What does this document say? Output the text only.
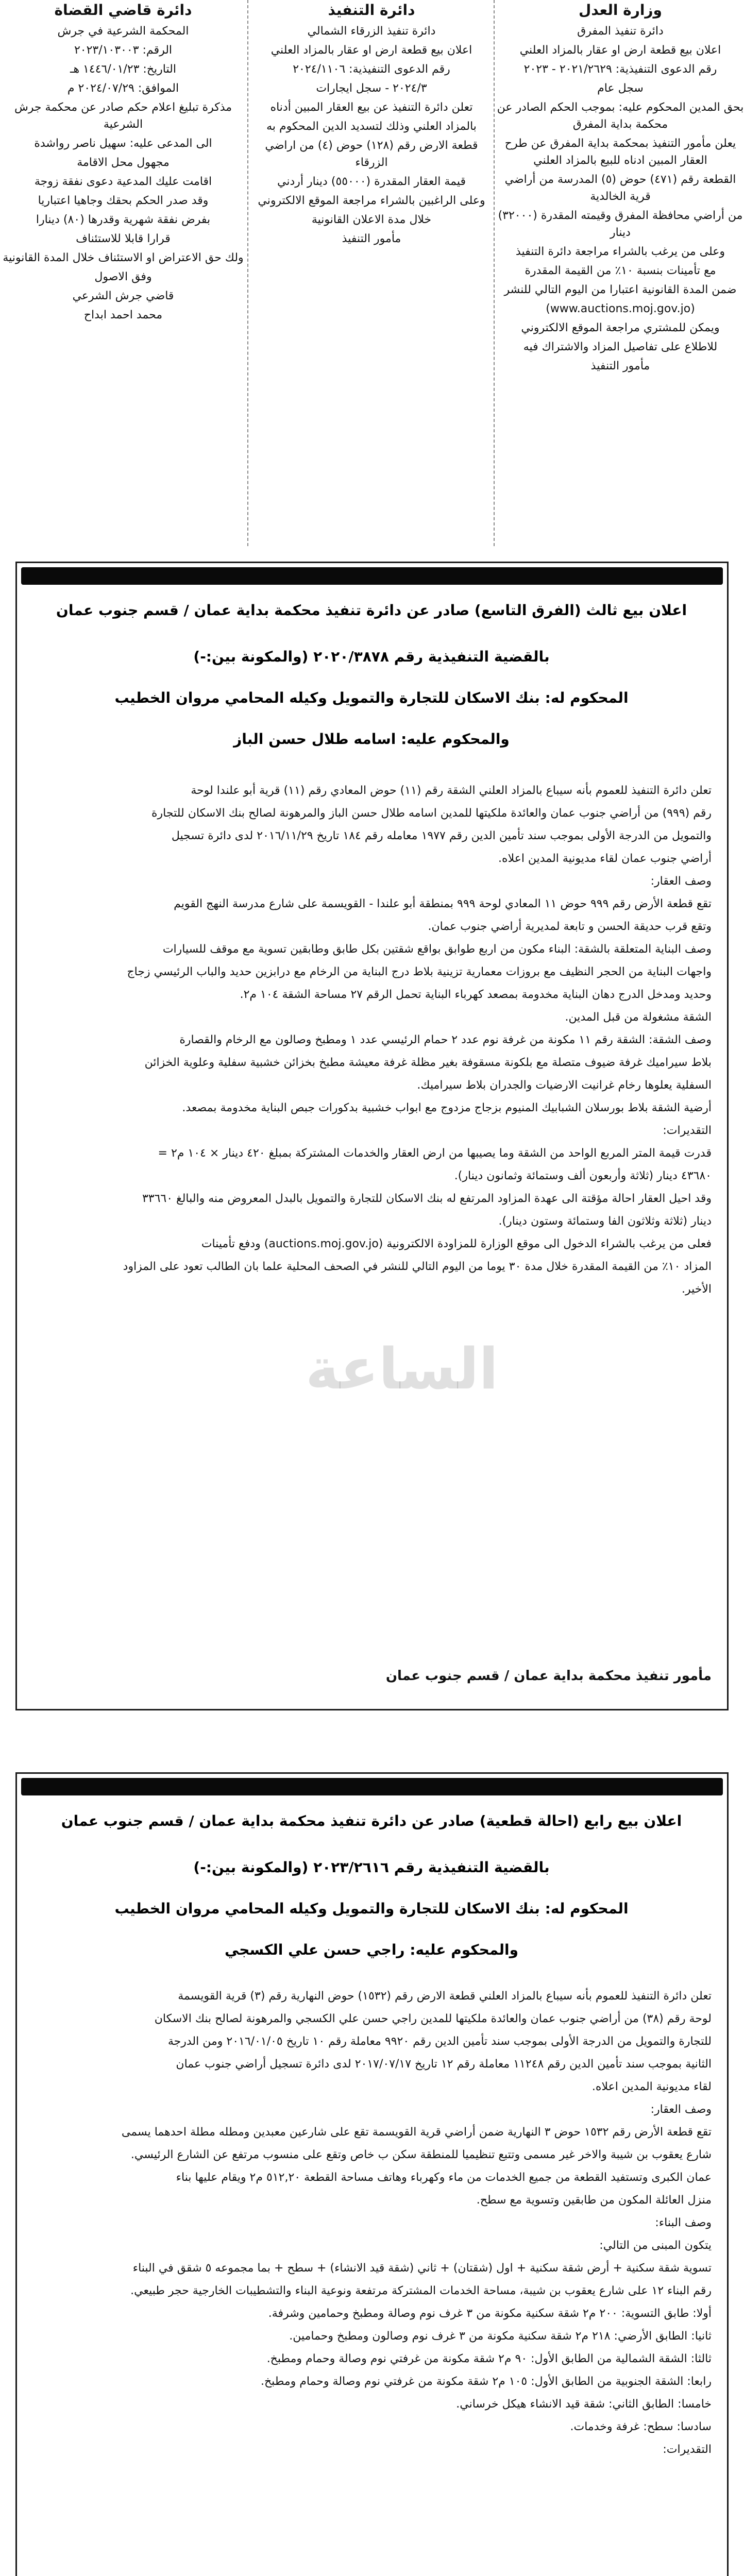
وزارة العدل
دائرة تنفيذ المفرق
اعلان بيع قطعة ارض او عقار بالمزاد العلني
رقم الدعوى التنفيذية: ٢٠٢١/٢٦٢٩ - ٢٠٢٣
سجل عام
بحق المدين المحكوم عليه: بموجب الحكم الصادر عن محكمة بداية المفرق
يعلن مأمور التنفيذ بمحكمة بداية المفرق عن طرح العقار المبين ادناه للبيع بالمزاد العلني
القطعة رقم (٤٧١) حوض (٥) المدرسة من أراضي قرية الخالدية
من أراضي محافظة المفرق وقيمته المقدرة (٣٢٠٠٠) دينار
وعلى من يرغب بالشراء مراجعة دائرة التنفيذ
مع تأمينات بنسبة ١٠٪ من القيمة المقدرة
ضمن المدة القانونية اعتبارا من اليوم التالي للنشر
(www.auctions.moj.gov.jo)
ويمكن للمشتري مراجعة الموقع الالكتروني
للاطلاع على تفاصيل المزاد والاشتراك فيه
مأمور التنفيذ
دائرة التنفيذ
دائرة تنفيذ الزرقاء الشمالي
اعلان بيع قطعة ارض او عقار بالمزاد العلني
رقم الدعوى التنفيذية: ٢٠٢٤/١١٠٦
٢٠٢٤/٣ - سجل ايجارات
تعلن دائرة التنفيذ عن بيع العقار المبين أدناه
بالمزاد العلني وذلك لتسديد الدين المحكوم به
قطعة الارض رقم (١٢٨) حوض (٤) من اراضي الزرقاء
قيمة العقار المقدرة (٥٥٠٠٠) دينار أردني
وعلى الراغبين بالشراء مراجعة الموقع الالكتروني
خلال مدة الاعلان القانونية
مأمور التنفيذ
دائرة قاضي القضاة
المحكمة الشرعية في جرش
الرقم: ٢٠٢٣/١٠٣٠٠٣
التاريخ: ١٤٤٦/٠١/٢٣ هـ
الموافق: ٢٠٢٤/٠٧/٢٩ م
مذكرة تبليغ اعلام حكم صادر عن محكمة جرش الشرعية
الى المدعى عليه: سهيل ناصر رواشدة
مجهول محل الاقامة
اقامت عليك المدعية دعوى نفقة زوجة
وقد صدر الحكم بحقك وجاهيا اعتباريا
بفرض نفقة شهرية وقدرها (٨٠) دينارا
قرارا قابلا للاستئناف
ولك حق الاعتراض او الاستئناف خلال المدة القانونية
وفق الاصول
قاضي جرش الشرعي
محمد احمد ابداح
اعلان بيع ثالث (الفرق التاسع) صادر عن دائرة تنفيذ محكمة بداية عمان / قسم جنوب عمان
بالقضية التنفيذية رقم ٢٠٢٠/٣٨٧٨ (والمكونة بين:-)
المحكوم له: بنك الاسكان للتجارة والتمويل وكيله المحامي مروان الخطيب
والمحكوم عليه: اسامه طلال حسن الباز
تعلن دائرة التنفيذ للعموم بأنه سيباع بالمزاد العلني الشقة رقم (١١) حوض المعادي رقم (١١) قرية أبو علندا لوحة
رقم (٩٩٩) من أراضي جنوب عمان والعائدة ملكيتها للمدين اسامه طلال حسن الباز والمرهونة لصالح بنك الاسكان للتجارة
والتمويل من الدرجة الأولى بموجب سند تأمين الدين رقم ١٩٧٧ معامله رقم ١٨٤ تاريخ ٢٠١٦/١١/٢٩ لدى دائرة تسجيل
أراضي جنوب عمان لقاء مديونية المدين اعلاه.
وصف العقار:
تقع قطعة الأرض رقم ٩٩٩ حوض ١١ المعادي لوحة ٩٩٩ بمنطقة أبو علندا - القويسمة على شارع مدرسة النهج القويم
وتقع قرب حديقة الحسن و تابعة لمديرية أراضي جنوب عمان.
وصف البناية المتعلقة بالشقة: البناء مكون من اربع طوابق بواقع شقتين بكل طابق وطابقين تسوية مع موقف للسيارات
واجهات البناية من الحجر النظيف مع بروزات معمارية تزينية بلاط درج البناية من الرخام مع درابزين حديد والباب الرئيسي زجاج
وحديد ومدخل الدرج دهان البناية مخدومة بمصعد كهرباء البناية تحمل الرقم ٢٧ مساحة الشقة ١٠٤ م٢.
الشقة مشغولة من قبل المدين.
وصف الشقة: الشقة رقم ١١ مكونة من غرفة نوم عدد ٢ حمام الرئيسي عدد ١ ومطبخ وصالون مع الرخام والقصارة
بلاط سيراميك غرفة ضيوف متصلة مع بلكونة مسقوفة بغير مظلة غرفة معيشة مطبخ بخزائن خشبية سفلية وعلوية الخزائن
السفلية يعلوها رخام غرانيت الارضيات والجدران بلاط سيراميك.
أرضية الشقة بلاط بورسلان الشبابيك المنيوم بزجاج مزدوج مع ابواب خشبية بدكورات جبص البناية مخدومة بمصعد.
التقديرات:
قدرت قيمة المتر المربع الواحد من الشقة وما يصيبها من ارض العقار والخدمات المشتركة بمبلغ ٤٢٠ دينار × ١٠٤ م٢ =
٤٣٦٨٠ دينار (ثلاثة وأربعون ألف وستمائة وثمانون دينار).
وقد احيل العقار احالة مؤقتة الى عهدة المزاود المرتفع له بنك الاسكان للتجارة والتمويل بالبدل المعروض منه والبالغ ٣٣٦٦٠
دينار (ثلاثة وثلاثون الفا وستمائة وستون دينار).
فعلى من يرغب بالشراء الدخول الى موقع الوزارة للمزاودة الالكترونية (auctions.moj.gov.jo) ودفع تأمينات
المزاد ١٠٪ من القيمة المقدرة خلال مدة ٣٠ يوما من اليوم التالي للنشر في الصحف المحلية علما بان الطالب تعود على المزاود
الأخير.
مأمور تنفيذ محكمة بداية عمان / قسم جنوب عمان
الساعة
اعلان بيع رابع (احالة قطعية) صادر عن دائرة تنفيذ محكمة بداية عمان / قسم جنوب عمان
بالقضية التنفيذية رقم ٢٠٢٣/٢٦١٦ (والمكونة بين:-)
المحكوم له: بنك الاسكان للتجارة والتمويل وكيله المحامي مروان الخطيب
والمحكوم عليه: راجي حسن علي الكسجي
تعلن دائرة التنفيذ للعموم بأنه سيباع بالمزاد العلني قطعة الارض رقم (١٥٣٢) حوض النهارية رقم (٣) قرية القويسمة
لوحة رقم (٣٨) من أراضي جنوب عمان والعائدة ملكيتها للمدين راجي حسن علي الكسجي والمرهونة لصالح بنك الاسكان
للتجارة والتمويل من الدرجة الأولى بموجب سند تأمين الدين رقم ٩٩٢٠ معاملة رقم ١٠ تاريخ ٢٠١٦/٠١/٠٥ ومن الدرجة
الثانية بموجب سند تأمين الدين رقم ١١٢٤٨ معاملة رقم ١٢ تاريخ ٢٠١٧/٠٧/١٧ لدى دائرة تسجيل أراضي جنوب عمان
لقاء مديونية المدين اعلاه.
وصف العقار:
تقع قطعة الأرض رقم ١٥٣٢ حوض ٣ النهارية ضمن أراضي قرية القويسمة تقع على شارعين معبدين ومطله مطلة احدهما يسمى
شارع يعقوب بن شيبة والاخر غير مسمى وتتبع تنظيميا للمنطقة سكن ب خاص وتقع على منسوب مرتفع عن الشارع الرئيسي.
عمان الكبرى وتستفيد القطعة من جميع الخدمات من ماء وكهرباء وهاتف مساحة القطعة ٥١٢,٢٠ م٢ ويقام عليها بناء
منزل العائلة المكون من طابقين وتسوية مع سطح.
وصف البناء:
يتكون المبنى من التالي:
تسوية شقة سكنية + أرض شقة سكنية + اول (شقتان) + ثاني (شقة قيد الانشاء) + سطح + بما مجموعه ٥ شقق في البناء
رقم البناء ١٢ على شارع يعقوب بن شيبة، مساحة الخدمات المشتركة مرتفعة ونوعية البناء والتشطيبات الخارجية حجر طبيعي.
أولا: طابق التسوية: ٢٠٠ م٢ شقة سكنية مكونة من ٣ غرف نوم وصالة ومطبخ وحمامين وشرفة.
ثانيا: الطابق الأرضي: ٢١٨ م٢ شقة سكنية مكونة من ٣ غرف نوم وصالون ومطبخ وحمامين.
ثالثا: الشقة الشمالية من الطابق الأول: ٩٠ م٢ شقة مكونة من غرفتي نوم وصالة وحمام ومطبخ.
رابعا: الشقة الجنوبية من الطابق الأول: ١٠٥ م٢ شقة مكونة من غرفتي نوم وصالة وحمام ومطبخ.
خامسا: الطابق الثاني: شقة قيد الانشاء هيكل خرساني.
سادسا: سطح: غرفة وخدمات.
التقديرات:
